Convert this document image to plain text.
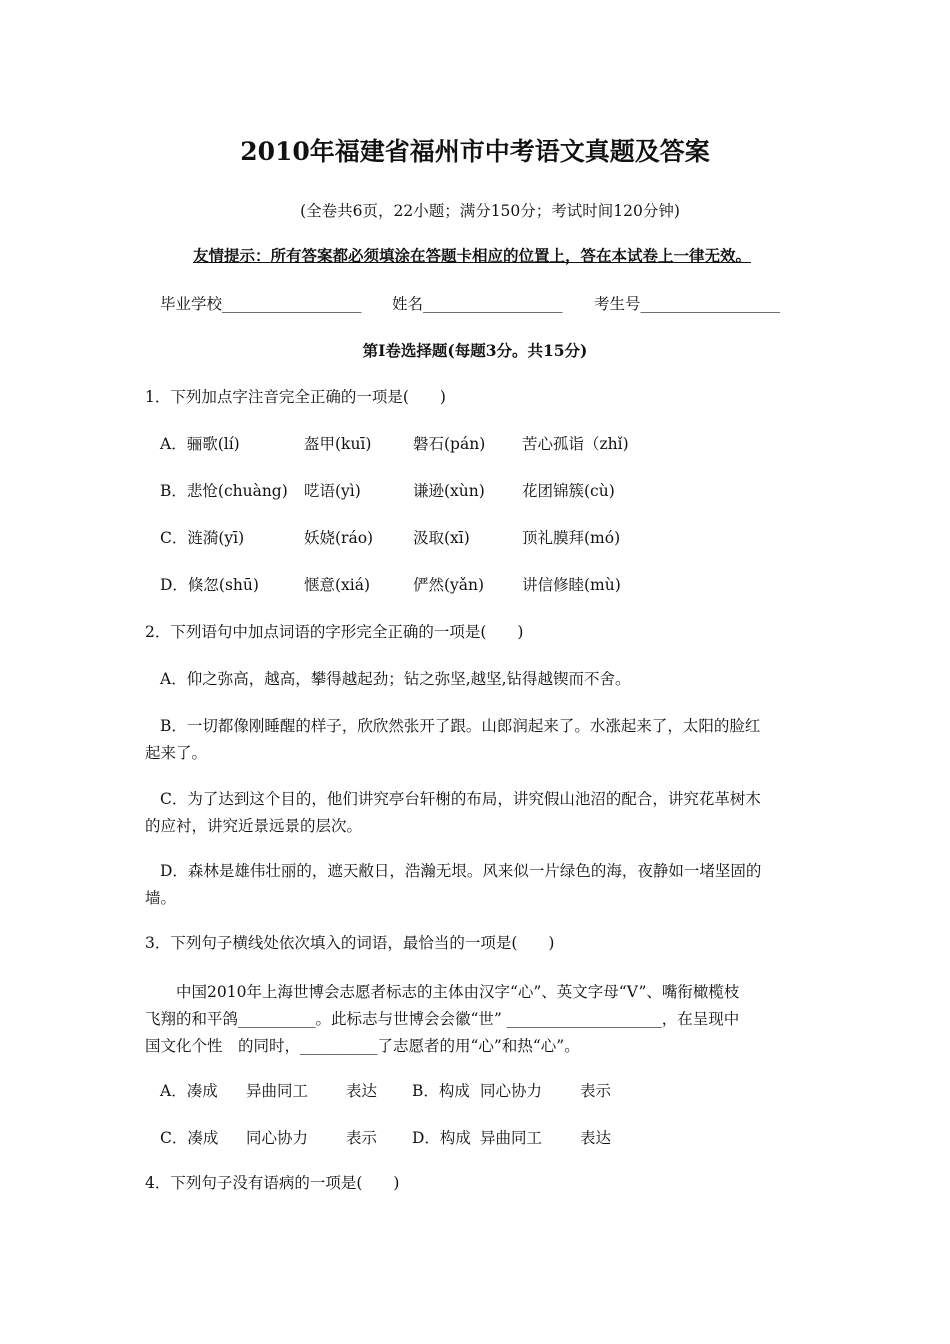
2010年福建省福州市中考语文真题及答案
(全卷共6页，22小题；满分150分；考试时间120分钟)
友情提示：所有答案都必须填涂在答题卡相应的位置上，答在本试卷上一律无效。
毕业学校__________________ 姓名__________________ 考生号__________________
第Ⅰ卷选择题(每题3分。共15分)
1．下列加点字注音完全正确的一项是(　　)
A．骊歌(lí)	盔甲(kuī)	磐石(pán) 苦心孤诣（zhǐ)
B．悲怆(chuàng) 呓语(yì)	谦逊(xùn) 花团锦簇(cù)
C．涟漪(yī)	妖娆(ráo)	汲取(xī)	顶礼膜拜(mó)
D．倏忽(shū)	惬意(xiá)	俨然(yǎn) 讲信修睦(mù)
2．下列语句中加点词语的字形完全正确的一项是(　　)
A．仰之弥高，越高，攀得越起劲；钻之弥坚,越坚,钻得越锲而不舍。
B．一切都像刚睡醒的样子，欣欣然张开了跟。山郎润起来了。水涨起来了，太阳的脸红
起来了。
C．为了达到这个目的，他们讲究亭台轩榭的布局，讲究假山池沼的配合，讲究花革树木
的应衬，讲究近景远景的层次。
D．森林是雄伟壮丽的，遮天敝日，浩瀚无垠。风来似一片绿色的海，夜静如一堵坚固的
墙。
3．下列句子横线处依次填入的词语，最恰当的一项是(　　)
中国2010年上海世博会志愿者标志的主体由汉字“心”、英文字母“V”、嘴衔橄榄枝
飞翔的和平鸽__________。此标志与世博会会徽“世” ____________________，在呈现中
国文化个性　的同时，__________了志愿者的用“心”和热“心”。
A．凑成 异曲同工 表达 B．构成 同心协力 表示
C．凑成 同心协力 表示 D．构成 异曲同工 表达
4．下列句子没有语病的一项是(　　)
